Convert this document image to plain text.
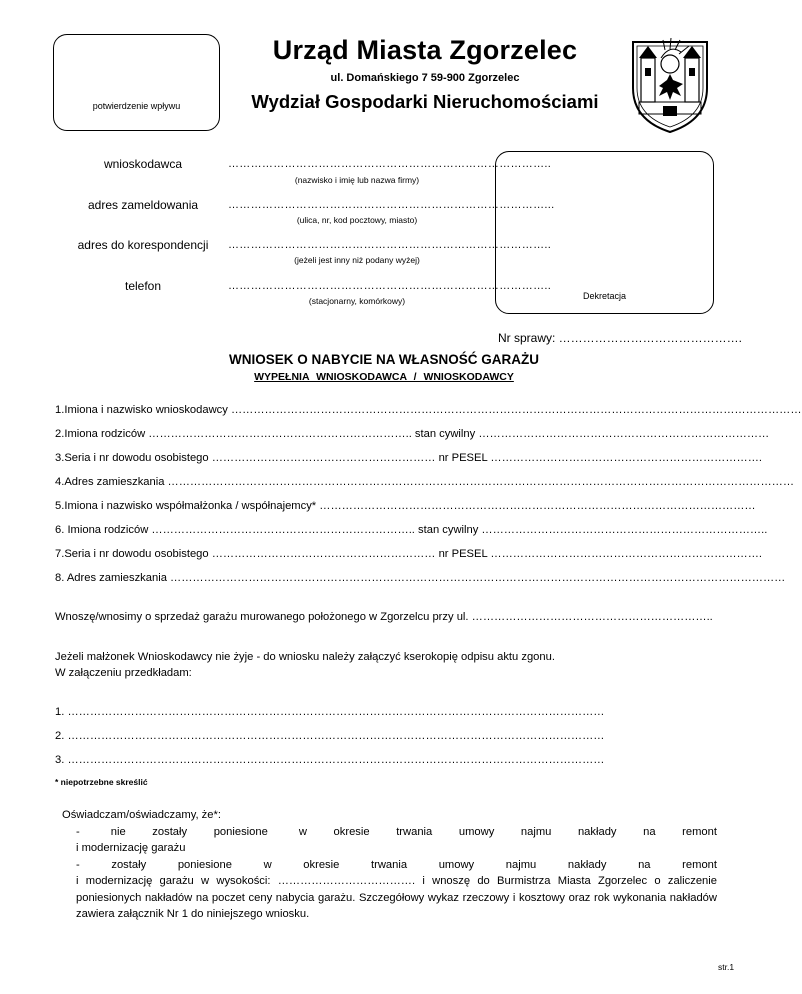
potwierdzenie wpływu
Urząd Miasta Zgorzelec
ul. Domańskiego 7 59-900 Zgorzelec
Wydział Gospodarki Nieruchomościami
wnioskodawca	…………………………………………………………………………..
(nazwisko i imię lub nazwa firmy)
adres zameldowania	…………………………………………………………………………...
(ulica, nr, kod pocztowy, miasto)
adres do korespondencji	…………………………………………………………………………..
(jeżeli jest inny niż podany wyżej)
telefon	…………………………………………………………………………..
(stacjonarny, komórkowy)	Dekretacja
Nr sprawy: ……………………………………….
WNIOSEK O NABYCIE NA WŁASNOŚĆ GARAŻU
WYPEŁNIA WNIOSKODAWCA / WNIOSKODAWCY
1.Imiona i nazwisko wnioskodawcy ………………………………………………………………………………………………………………………………………
2.Imiona rodziców …………………………………………………………….. stan cywilny ……………………………………………………………………
3.Seria i nr dowodu osobistego …………………………………………………… nr PESEL ……………………………………………………………….
4.Adres zamieszkania ……………………………………………………………………………………………………………………………………………………
5.Imiona i nazwisko współmałżonka / współnajemcy* ………………………………………………………………………………………………………
6. Imiona rodziców …………………………………………………………….. stan cywilny …………………………………………………………………..
7.Seria i nr dowodu osobistego …………………………………………………… nr PESEL ……………………………………………………………….
8. Adres zamieszkania …………………………………………………………………………………………………………………………………………………
Wnoszę/wnosimy o sprzedaż garażu murowanego położonego w Zgorzelcu przy ul. ………………………………………………………..
Jeżeli małżonek Wnioskodawcy nie żyje - do wniosku należy załączyć kserokopię odpisu aktu zgonu.
W załączeniu przedkładam:
1. ………………………………………………………………………………………………………………………………
2. ………………………………………………………………………………………………………………………………
3. ………………………………………………………………………………………………………………………………
* niepotrzebne skreślić
Oświadczam/oświadczamy, że*:
-       nie      zostały      poniesione       w      okresie      trwania      umowy      najmu      nakłady      na      remont
i modernizację garażu
-       zostały       poniesione       w       okresie       trwania       umowy       najmu       nakłady       na       remont
i modernizację garażu w wysokości: ………………………………. i wnoszę do Burmistrza Miasta Zgorzelec o zaliczenie poniesionych nakładów na poczet ceny nabycia garażu. Szczegółowy wykaz rzeczowy i kosztowy oraz rok wykonania nakładów zawiera załącznik Nr 1 do niniejszego wniosku.
str.1
